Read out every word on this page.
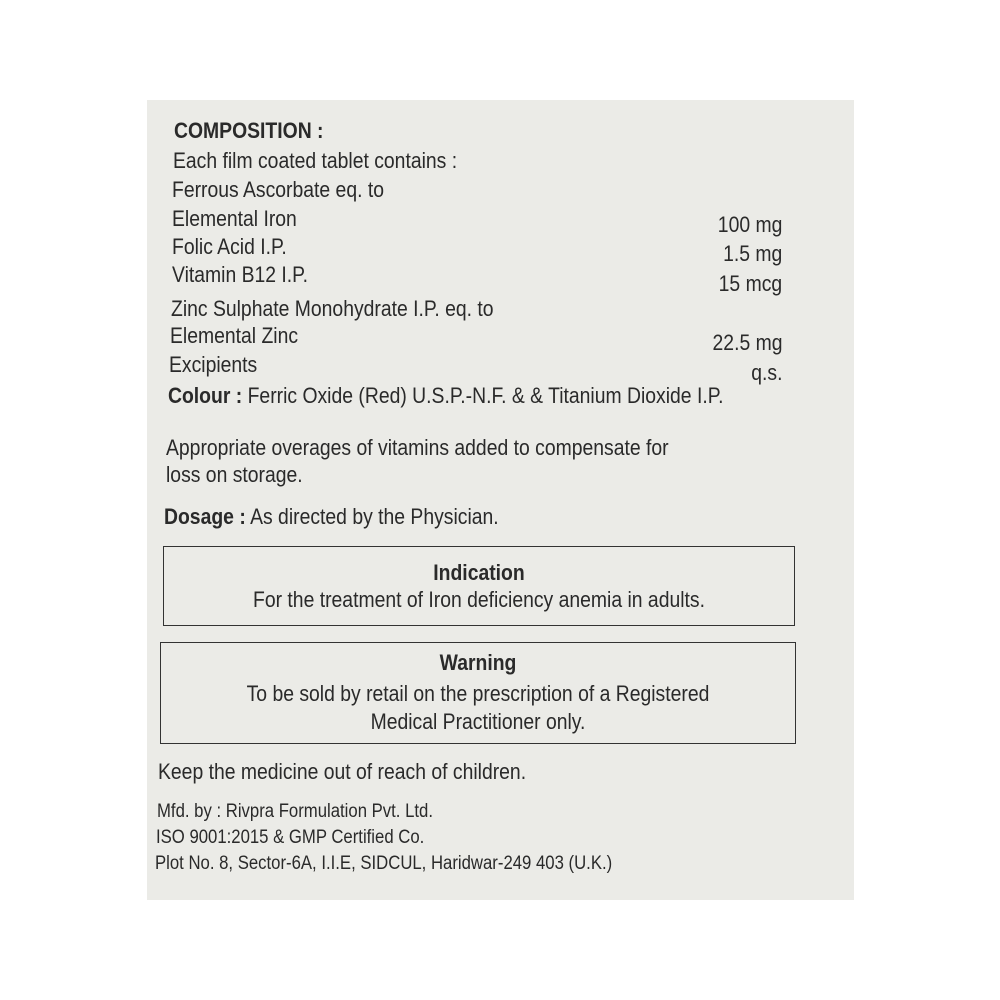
COMPOSITION :
Each film coated tablet contains :
Ferrous Ascorbate eq. to
Elemental Iron	100 mg
Folic Acid I.P.	1.5 mg
Vitamin B12 I.P.	15 mcg
Zinc Sulphate Monohydrate I.P. eq. to
Elemental Zinc	22.5 mg
Excipients	q.s.
Colour : Ferric Oxide (Red) U.S.P.-N.F. & & Titanium Dioxide I.P.
Appropriate overages of vitamins added to compensate for
loss on storage.
Dosage : As directed by the Physician.
Indication
For the treatment of Iron deficiency anemia in adults.
Warning
To be sold by retail on the prescription of a Registered
Medical Practitioner only.
Keep the medicine out of reach of children.
Mfd. by : Rivpra Formulation Pvt. Ltd.
ISO 9001:2015 & GMP Certified Co.
Plot No. 8, Sector-6A, I.I.E, SIDCUL, Haridwar-249 403 (U.K.)
